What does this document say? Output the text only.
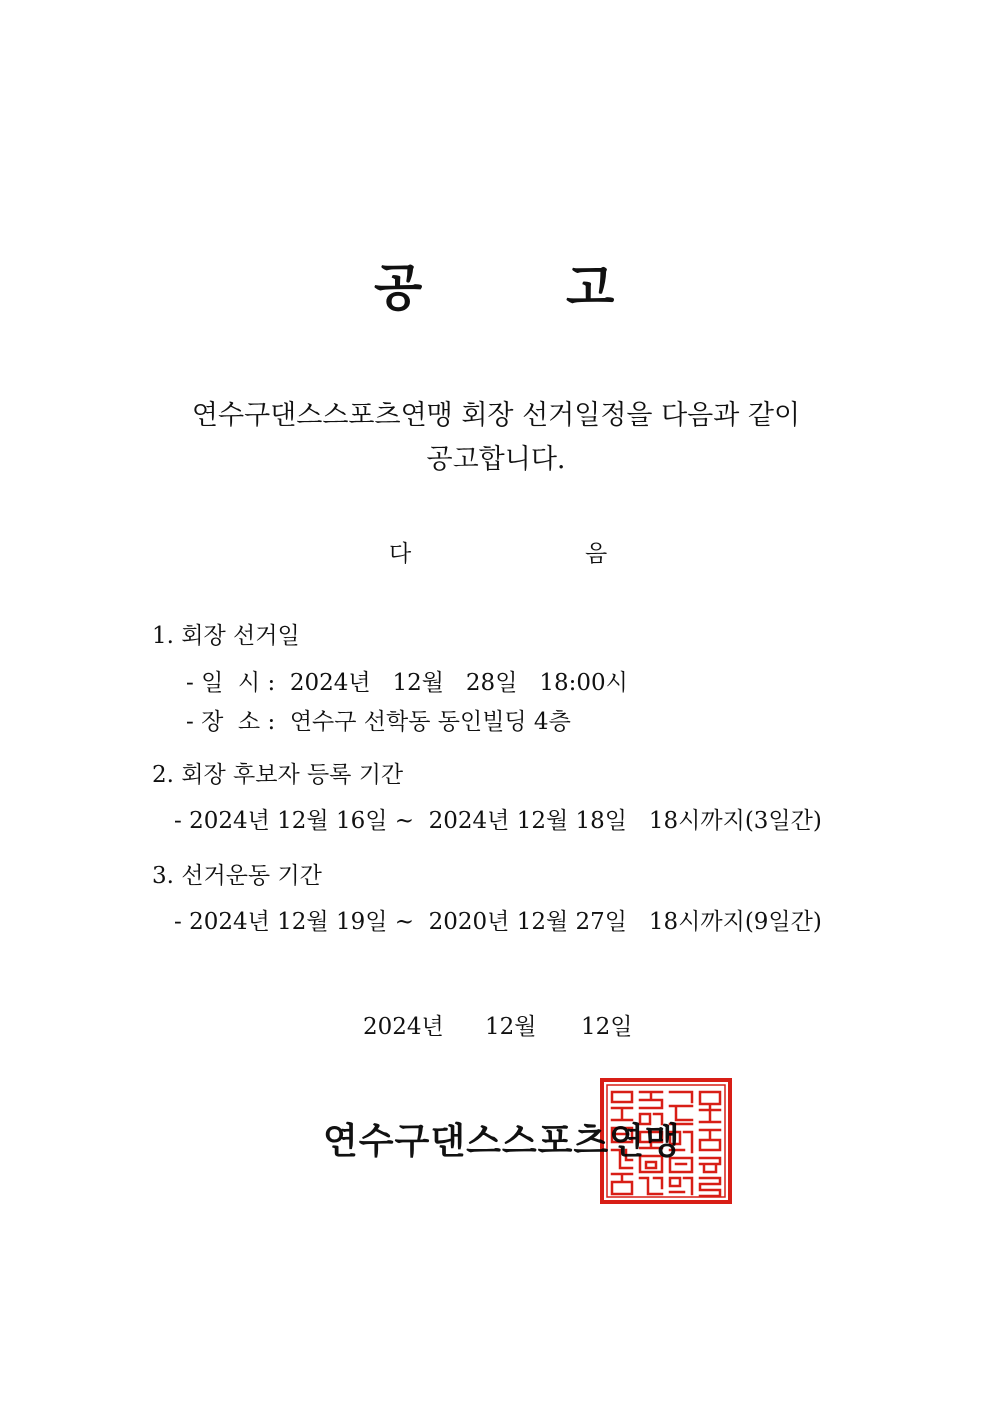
공	고
연수구댄스스포츠연맹 회장 선거일정을 다음과 같이
공고합니다.
다	음
1. 회장 선거일
- 일  시 :  2024년   12월   28일   18:00시
- 장  소 :  연수구 선학동 동인빌딩 4층
2. 회장 후보자 등록 기간
- 2024년 12월 16일 ~  2024년 12월 18일   18시까지(3일간)
3. 선거운동 기간
- 2024년 12월 19일 ~  2020년 12월 27일   18시까지(9일간)
2024년 12월 12일
연수구댄스스포츠연맹
